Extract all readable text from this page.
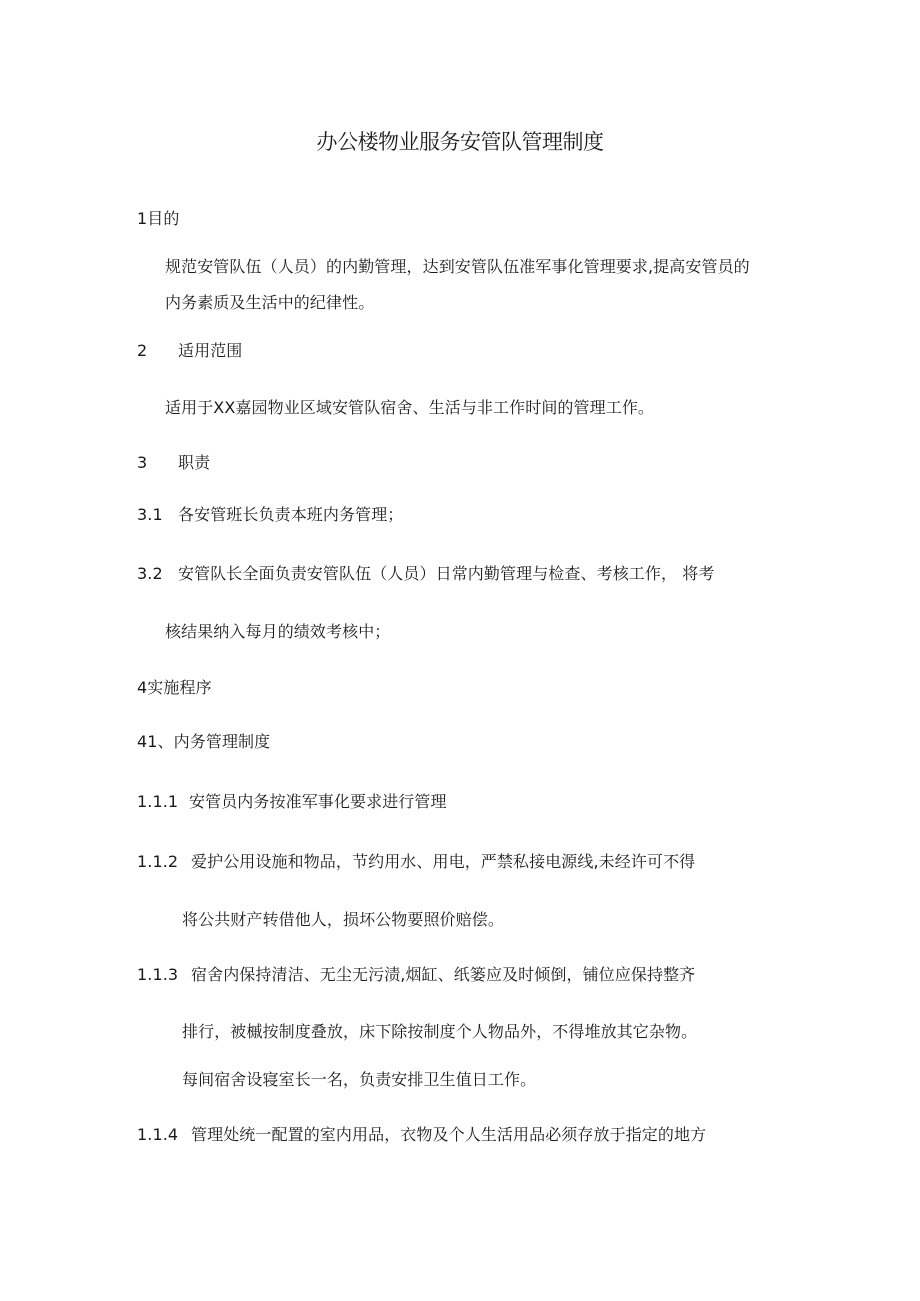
办公楼物业服务安管队管理制度
1目的
规范安管队伍（人员）的内勤管理，达到安管队伍准军事化管理要求,提高安管员的
内务素质及生活中的纪律性。
2 适用范围
适用于XX嘉园物业区域安管队宿舍、生活与非工作时间的管理工作。
3 职责
3.1 各安管班长负责本班内务管理；
3.2 安管队长全面负责安管队伍（人员）日常内勤管理与检查、考核工作， 将考
核结果纳入每月的绩效考核中；
4实施程序
41、内务管理制度
1.1.1 安管员内务按准军事化要求进行管理
1.1.2 爱护公用设施和物品，节约用水、用电，严禁私接电源线,未经许可不得
将公共财产转借他人，损坏公物要照价赔偿。
1.1.3 宿舍内保持清洁、无尘无污渍,烟缸、纸篓应及时倾倒，铺位应保持整齐
排行，被槭按制度叠放，床下除按制度个人物品外，不得堆放其它杂物。
每间宿舍设寝室长一名，负责安排卫生值日工作。
1.1.4 管理处统一配置的室内用品，衣物及个人生活用品必须存放于指定的地方
